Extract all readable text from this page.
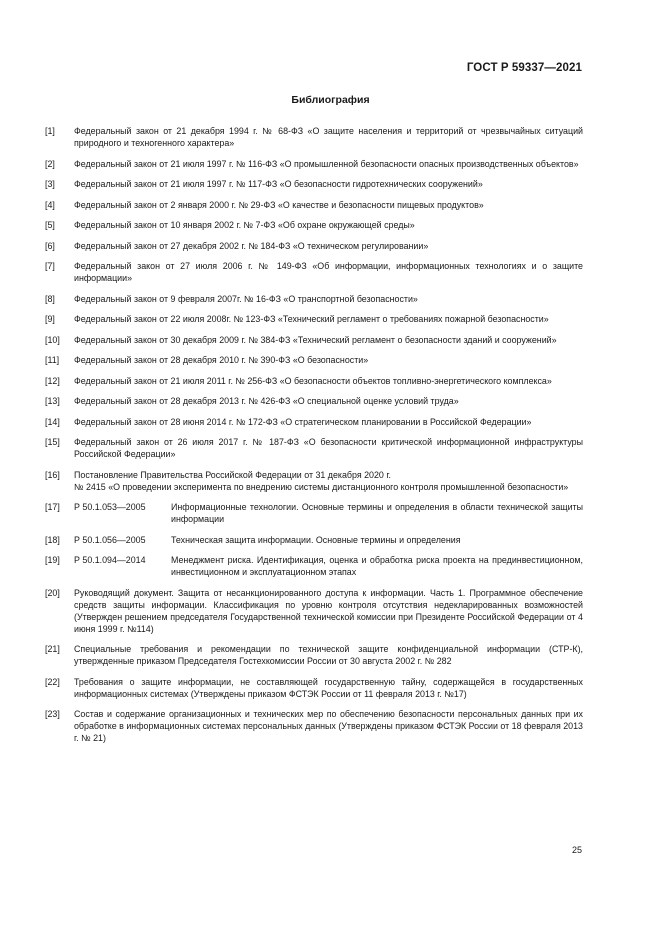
ГОСТ Р 59337—2021
Библиография
[1]	Федеральный закон от 21 декабря 1994 г. № 68-ФЗ «О защите населения и территорий от чрезвычайных ситуаций природного и техногенного характера»
[2]	Федеральный закон от 21 июля 1997 г. № 116-ФЗ «О промышленной безопасности опасных производственных объектов»
[3]	Федеральный закон от 21 июля 1997 г. № 117-ФЗ «О безопасности гидротехнических сооружений»
[4]	Федеральный закон от 2 января 2000 г. № 29-ФЗ «О качестве и безопасности пищевых продуктов»
[5]	Федеральный закон от 10 января 2002 г. № 7-ФЗ «Об охране окружающей среды»
[6]	Федеральный закон от 27 декабря 2002 г. № 184-ФЗ «О техническом регулировании»
[7]	Федеральный закон от 27 июля 2006 г. № 149-ФЗ «Об информации, информационных технологиях и о защите информации»
[8]	Федеральный закон от 9 февраля 2007г. № 16-ФЗ «О транспортной безопасности»
[9]	Федеральный закон от 22 июля 2008г. № 123-ФЗ «Технический регламент о требованиях пожарной безопасности»
[10]	Федеральный закон от 30 декабря 2009 г. № 384-ФЗ «Технический регламент о безопасности зданий и сооружений»
[11]	Федеральный закон от 28 декабря 2010 г. № 390-ФЗ «О безопасности»
[12]	Федеральный закон от 21 июля 2011 г. № 256-ФЗ «О безопасности объектов топливно-энергетического комплекса»
[13]	Федеральный закон от 28 декабря 2013 г. № 426-ФЗ «О специальной оценке условий труда»
[14]	Федеральный закон от 28 июня 2014 г. № 172-ФЗ «О стратегическом планировании в Российской Федерации»
[15]	Федеральный закон от 26 июля 2017 г. № 187-ФЗ «О безопасности критической информационной инфраструктуры Российской Федерации»
[16]	Постановление Правительства Российской Федерации от 31 декабря 2020 г.
№ 2415 «О проведении эксперимента по внедрению системы дистанционного контроля промышленной безопасности»
[17]	Р 50.1.053—2005	Информационные технологии. Основные термины и определения в области технической защиты информации
[18]	Р 50.1.056—2005	Техническая защита информации. Основные термины и определения
[19]	Р 50.1.094—2014	Менеджмент риска. Идентификация, оценка и обработка риска проекта на прединвестиционном, инвестиционном и эксплуатационном этапах
[20]	Руководящий документ. Защита от несанкционированного доступа к информации. Часть 1. Программное обеспечение средств защиты информации. Классификация по уровню контроля отсутствия недекларированных возможностей (Утвержден решением председателя Государственной технической комиссии при Президенте Российской Федерации от 4 июня 1999 г. №114)
[21]	Специальные требования и рекомендации по технической защите конфиденциальной информации (СТР-К), утвержденные приказом Председателя Гостехкомиссии России от 30 августа 2002 г. № 282
[22]	Требования о защите информации, не составляющей государственную тайну, содержащейся в государственных информационных системах (Утверждены приказом ФСТЭК России от 11 февраля 2013 г. №17)
[23]	Состав и содержание организационных и технических мер по обеспечению безопасности персональных данных при их обработке в информационных системах персональных данных (Утверждены приказом ФСТЭК России от 18 февраля 2013 г. № 21)
25
